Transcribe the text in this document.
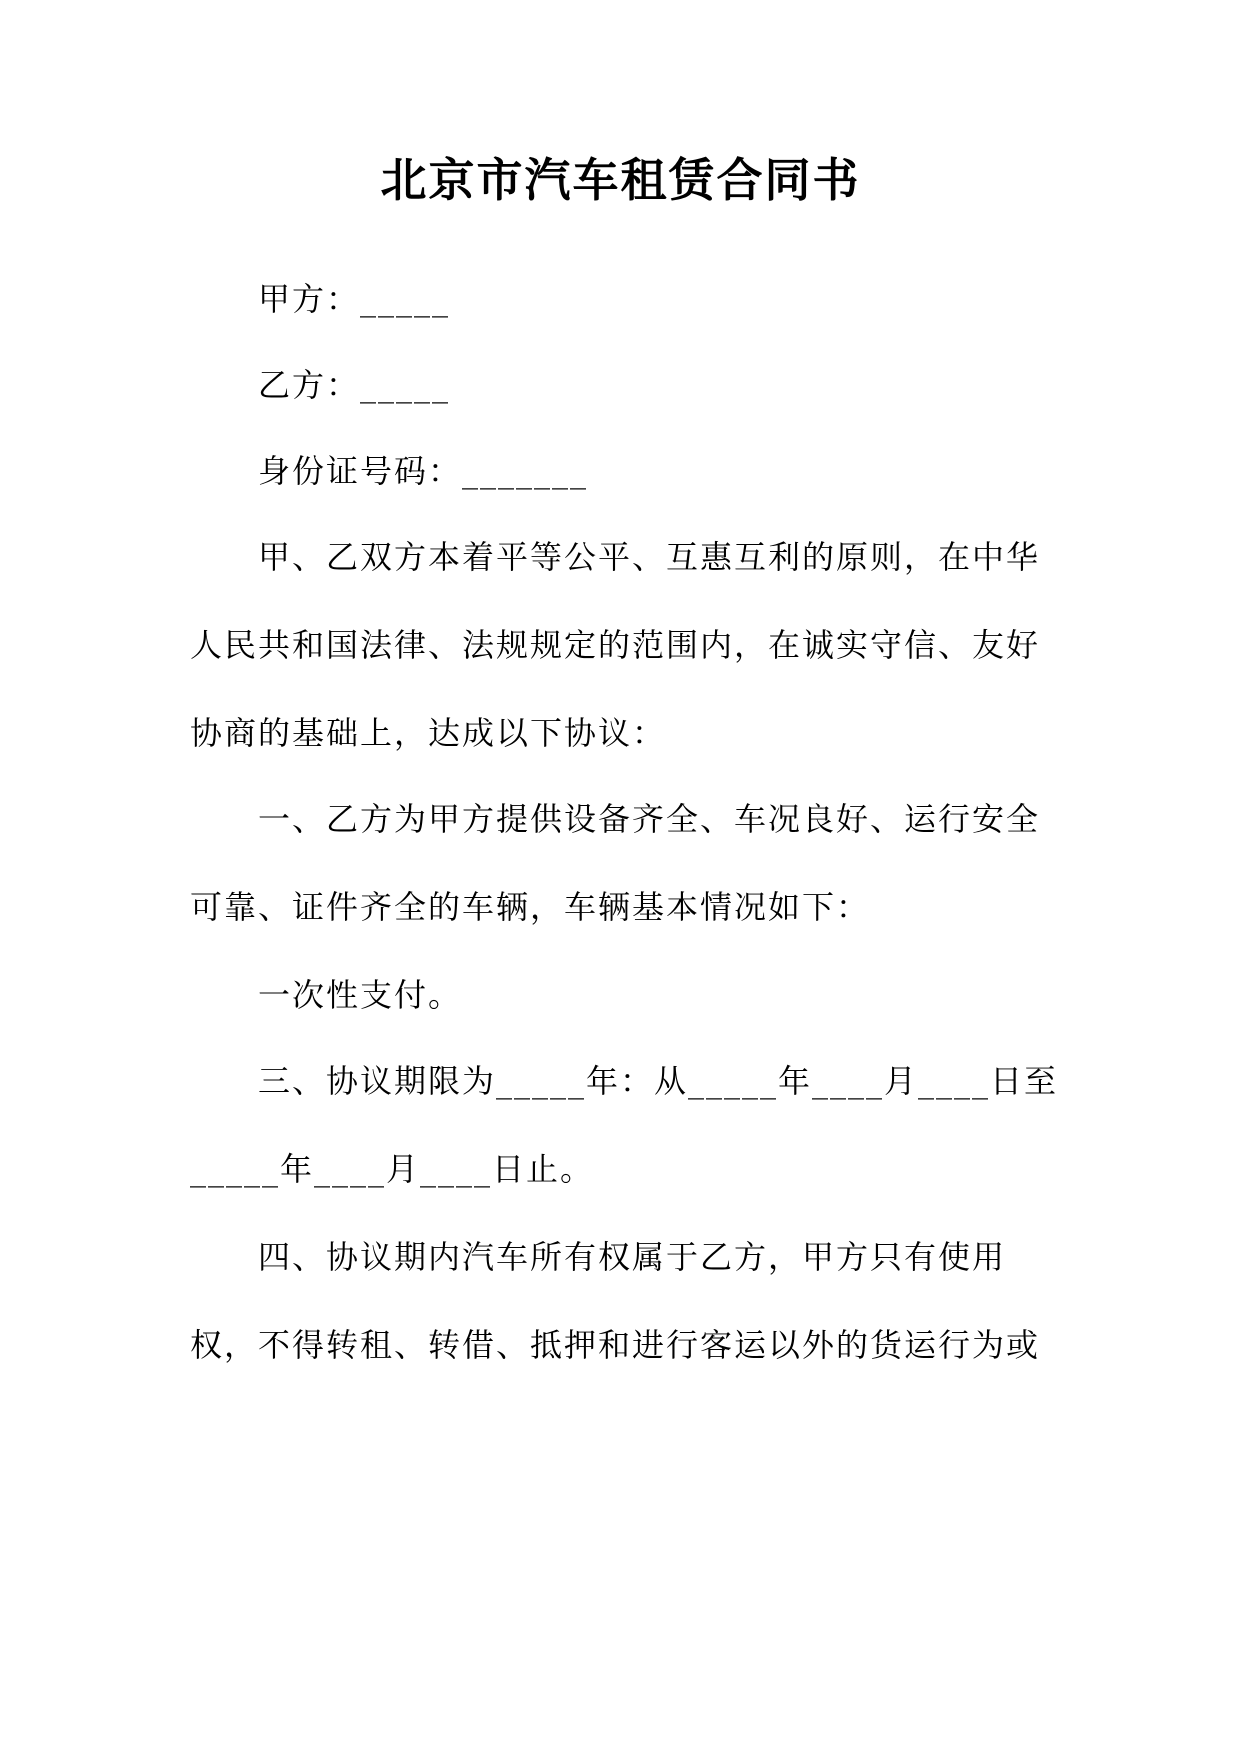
北京市汽车租赁合同书
甲方：_____
乙方：_____
身份证号码：_______
甲、乙双方本着平等公平、互惠互利的原则，在中华
人民共和国法律、法规规定的范围内，在诚实守信、友好
协商的基础上，达成以下协议：
一、乙方为甲方提供设备齐全、车况良好、运行安全
可靠、证件齐全的车辆，车辆基本情况如下：
一次性支付。
三、协议期限为_____年：从_____年____月____日至
_____年____月____日止。
四、协议期内汽车所有权属于乙方，甲方只有使用
权，不得转租、转借、抵押和进行客运以外的货运行为或
